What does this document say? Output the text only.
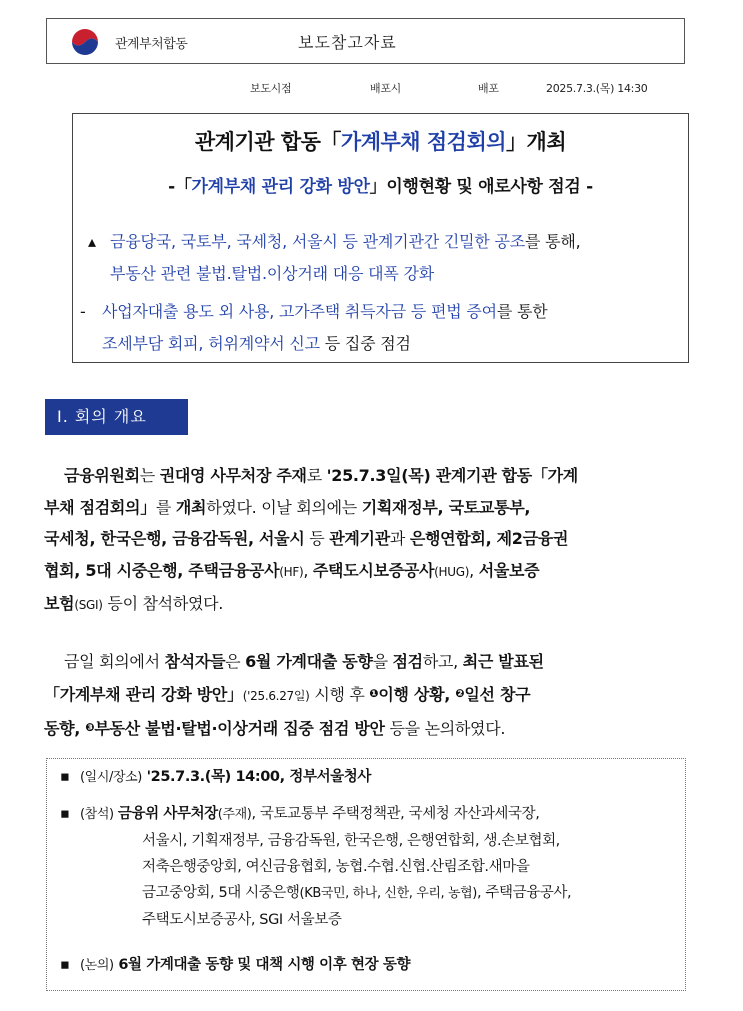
관계부처합동	보도참고자료
보도시점	배포시	배포	2025.7.3.(목) 14:30
관계기관 합동「가계부채 점검회의」개최
-「가계부채 관리 강화 방안」이행현황 및 애로사항 점검 -
▴ 금융당국, 국토부, 국세청, 서울시 등 관계기관간 긴밀한 공조를 통해,
부동산 관련 불법.탈법.이상거래 대응 대폭 강화
- 사업자대출 용도 외 사용, 고가주택 취득자금 등 편법 증여를 통한
조세부담 회피, 허위계약서 신고 등 집중 점검
Ⅰ. 회의 개요
금융위원회는 권대영 사무처장 주재로 '25.7.3일(목) 관계기관 합동「가계
부채 점검회의」를 개최하였다. 이날 회의에는 기획재정부, 국토교통부,
국세청, 한국은행, 금융감독원, 서울시 등 관계기관과 은행연합회, 제2금융권
협회, 5대 시중은행, 주택금융공사(HF), 주택도시보증공사(HUG), 서울보증
보험(SGI) 등이 참석하였다.
금일 회의에서 참석자들은 6월 가계대출 동향을 점검하고, 최근 발표된
「가계부채 관리 강화 방안」('25.6.27일) 시행 후 ❶이행 상황, ❷일선 창구
동향, ❸부동산 불법·탈법·이상거래 집중 점검 방안 등을 논의하였다.
▪ (일시/장소) '25.7.3.(목) 14:00, 정부서울청사
▪ (참석) 금융위 사무처장(주재), 국토교통부 주택정책관, 국세청 자산과세국장,
서울시, 기획재정부, 금융감독원, 한국은행, 은행연합회, 생.손보협회,
저축은행중앙회, 여신금융협회, 농협.수협.신협.산림조합.새마을
금고중앙회, 5대 시중은행(KB국민, 하나, 신한, 우리, 농협), 주택금융공사,
주택도시보증공사, SGI 서울보증
▪ (논의) 6월 가계대출 동향 및 대책 시행 이후 현장 동향
